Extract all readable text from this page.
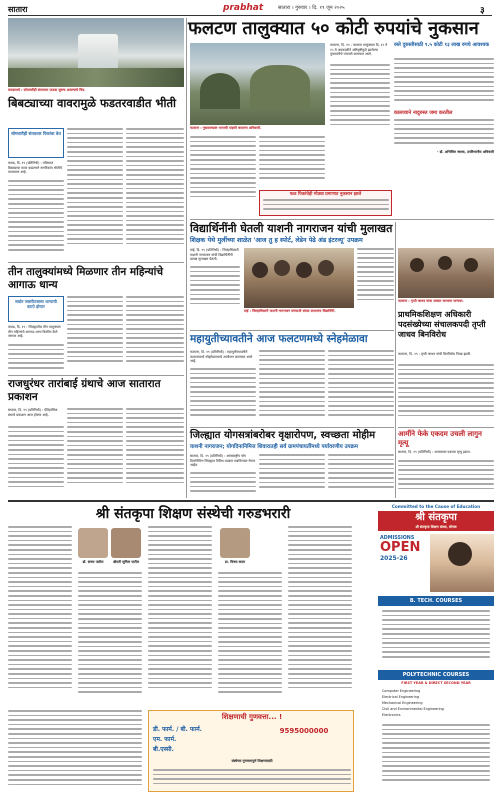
सातारा	prabhat	सातारा । गुरुवार । दि. १९ जून २०२५	३
फलटण तालुक्यात ५० कोटी रुपयांचे नुकसान
कराडमध्ये : सोमवारीही संततधार पाऊस सुरूच असल्याचे चित्र.
बिबट्याच्या वावरामुळे फडतरवाडीत भीती
सोमवारीही संततधार पिकांचा वेध
कराड, दि. १९ (प्रतिनिधी) : परिसरात बिबट्याचा वावर वाढल्याने नागरिकांत भीतीचे वातावरण आहे.
तीन तालुक्यांमध्ये मिळणार तीन महिन्यांचे आगाऊ धान्य
सर्वात जास्तीतजास्त धान्याची वाटपे होणार
कराड, दि. १९ : जिल्ह्यातील तीन तालुक्यांत तीन महिन्यांचे आगाऊ धान्य वितरित केले जाणार आहे.
राजधुरंधर तारांबाई ग्रंथाचे आज सातारात प्रकाशन
सातारा, दि. १९ (प्रतिनिधी) : ऐतिहासिक ग्रंथाचे प्रकाशन आज होणार आहे.
फलटण : नुकसानग्रस्त भागाची पाहणी करताना अधिकारी.
फलटण, दि. १९ : फलटण तालुक्यात दि. १२ ते १५ मे अवकाळीने अतिवृष्टीमुळे झालेल्या नुकसानीचे पंचनामे करण्यात आले.
रस्ते दुरुस्तीसाठी ९.५ कोटी १३ लाख रुपये आवश्यक
कालव्याने नादुरुस्त जमा करतील
- डॉ. अभिजित जाधव, उपविभागीय अधिकारी
फळ पिकांचेही मोठ्या प्रमाणात नुकसान झाले
विद्यार्थिनींनी घेतली याशनी नागराजन यांची मुलाखत
शिक्षक येथे मुलींच्या शाळेत 'आज तु ह स्पोर्ट, लेडेन पेढे अंड इंटरव्यू' उपक्रम
वाई, दि. १९ (प्रतिनिधी) : जिल्हाधिकारी याशनी नागराजन यांची विद्यार्थिनींनी प्रत्यक्ष मुलाखत घेतली.
वाई : जिल्हाधिकारी याशनी नागराजन यांच्याशी संवाद साधताना विद्यार्थिनी.
फलटण : तृप्ती जाधव यांचा सत्कार करताना मान्यवर.
प्राथमिकशिक्षण अधिकारी पदसंख्येच्या संचालकपदी तृप्ती जाधव बिनविरोध
फलटण, दि. १९ : तृप्ती जाधव यांची बिनविरोध निवड झाली.
महायुतीच्यावतीने आज फलटणमध्ये स्नेहमेळावा
फलटण, दि. १९ (प्रतिनिधी) : महायुतीच्यावतीने फलटणमध्ये स्नेहमेळाव्याचे आयोजन करण्यात आले आहे.
जिल्ह्यात योगसत्रांबरोबर वृक्षारोपण, स्वच्छता मोहीम
याशनी नागराजन; योगदिनानिमित्त शिवारातही सर्व ग्रामपंचायतींमध्ये पर्यावरणीय उपक्रम
सातारा, दि. १९ (प्रतिनिधी) : आंतरराष्ट्रीय योग दिनानिमित्त जिल्ह्यात विविध उपक्रम राबविण्यात येणार आहेत.
आर्मीने फेके एकदम उचली लागुन मृत्यू
सातारा, दि. १९ (प्रतिनिधी) : अपघातात एकाचा मृत्यू झाला.
श्री संतकृपा शिक्षण संस्थेची गरुडभरारी
डॉ. संजय पाटील	श्रीमती सुनिता पाटील	प्रा. विजय कदम
शिक्षणाची गुणवत्ता... !
डी. फार्म. / बी. फार्म.
एम. फार्म.
बी.एस्सी.
9595000000
संस्थेच्या गुणवत्तापूर्ण शिक्षणासाठी
Committed to the Cause of Education
श्री संतकृपा
श्री संतकृपा शिक्षण संस्था, घोगाव
ADMISSIONS
OPEN
2025-26
B. TECH. COURSES
POLYTECHNIC COURSES
FIRST YEAR & DIRECT SECOND YEAR
Computer Engineering
Electrical Engineering
Mechanical Engineering
Civil and Environmental Engineering
Electronics
